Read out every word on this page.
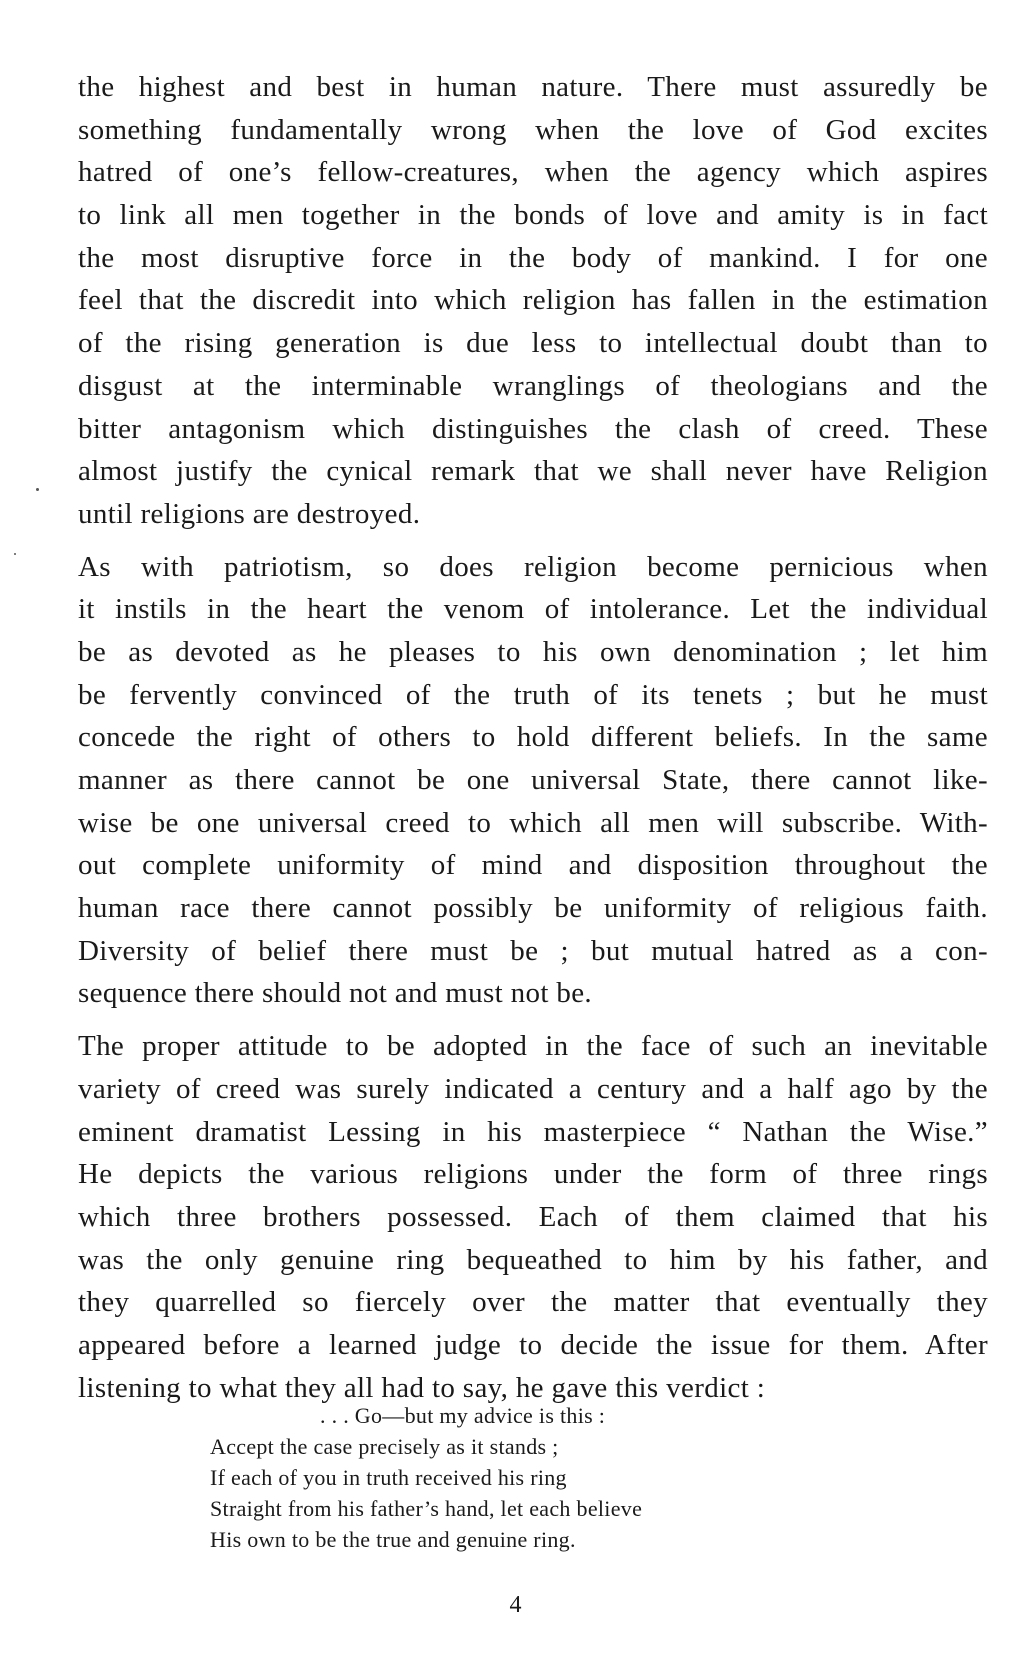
the highest and best in human nature. There must assuredly be
something fundamentally wrong when the love of God excites
hatred of one’s fellow-creatures, when the agency which aspires
to link all men together in the bonds of love and amity is in fact
the most disruptive force in the body of mankind. I for one
feel that the discredit into which religion has fallen in the estimation
of the rising generation is due less to intellectual doubt than to
disgust at the interminable wranglings of theologians and the
bitter antagonism which distinguishes the clash of creed. These
almost justify the cynical remark that we shall never have Religion
until religions are destroyed.
As with patriotism, so does religion become pernicious when
it instils in the heart the venom of intolerance. Let the individual
be as devoted as he pleases to his own denomination ; let him
be fervently convinced of the truth of its tenets ; but he must
concede the right of others to hold different beliefs. In the same
manner as there cannot be one universal State, there cannot like-
wise be one universal creed to which all men will subscribe. With-
out complete uniformity of mind and disposition throughout the
human race there cannot possibly be uniformity of religious faith.
Diversity of belief there must be ; but mutual hatred as a con-
sequence there should not and must not be.
The proper attitude to be adopted in the face of such an inevitable
variety of creed was surely indicated a century and a half ago by the
eminent dramatist Lessing in his masterpiece “ Nathan the Wise.”
He depicts the various religions under the form of three rings
which three brothers possessed. Each of them claimed that his
was the only genuine ring bequeathed to him by his father, and
they quarrelled so fiercely over the matter that eventually they
appeared before a learned judge to decide the issue for them. After
listening to what they all had to say, he gave this verdict :
. . . Go—but my advice is this :
Accept the case precisely as it stands ;
If each of you in truth received his ring
Straight from his father’s hand, let each believe
His own to be the true and genuine ring.
4
